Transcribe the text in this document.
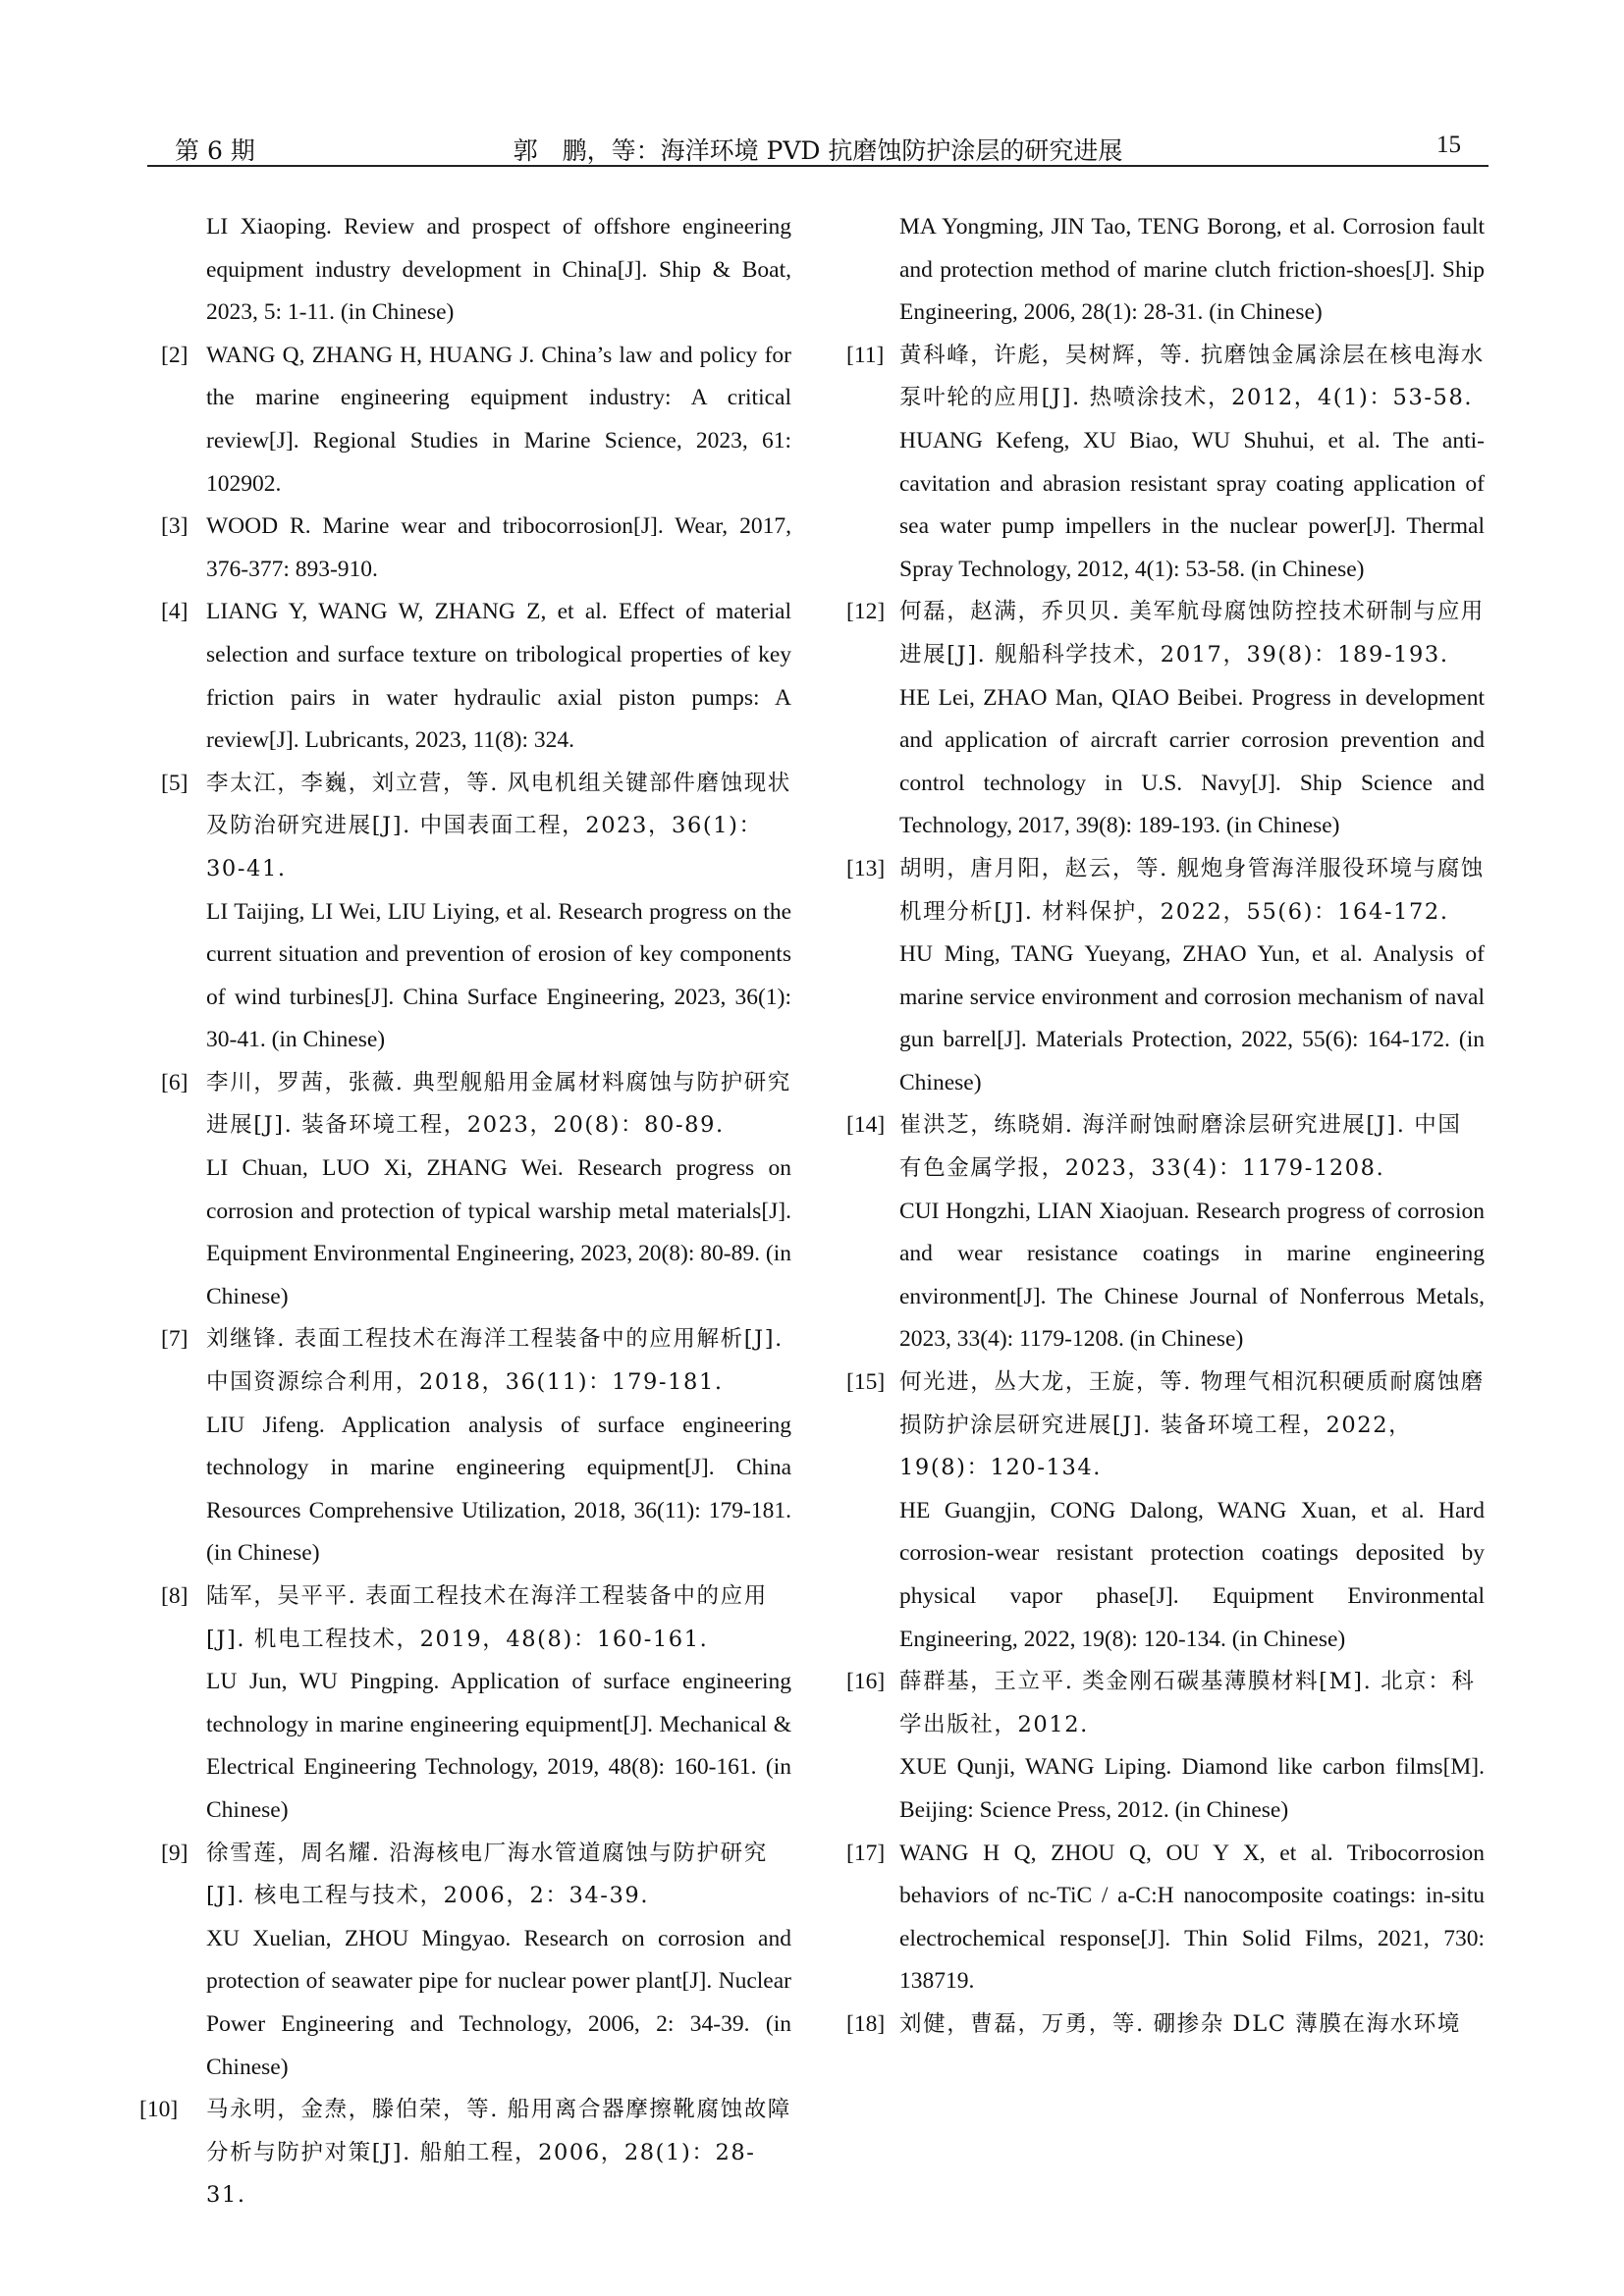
第 6 期	郭　鹏，等：海洋环境 PVD 抗磨蚀防护涂层的研究进展	15

LI Xiaoping. Review and prospect of offshore engineering equipment industry development in China[J]. Ship & Boat, 2023, 5: 1-11. (in Chinese)

[2] WANG Q, ZHANG H, HUANG J. China’s law and policy for the marine engineering equipment industry: A critical review[J]. Regional Studies in Marine Science, 2023, 61: 102902.

[3] WOOD R. Marine wear and tribocorrosion[J]. Wear, 2017, 376-377: 893-910.

[4] LIANG Y, WANG W, ZHANG Z, et al. Effect of material selection and surface texture on tribological properties of key friction pairs in water hydraulic axial piston pumps: A review[J]. Lubricants, 2023, 11(8): 324.

[5] 李太江，李巍，刘立营，等. 风电机组关键部件磨蚀现状及防治研究进展[J]. 中国表面工程，2023，36(1)：30-41.

LI Taijing, LI Wei, LIU Liying, et al. Research progress on the current situation and prevention of erosion of key components of wind turbines[J]. China Surface Engineering, 2023, 36(1): 30-41. (in Chinese)

[6] 李川，罗茜，张薇. 典型舰船用金属材料腐蚀与防护研究进展[J]. 装备环境工程，2023，20(8)：80-89.

LI Chuan, LUO Xi, ZHANG Wei. Research progress on corrosion and protection of typical warship metal materials[J]. Equipment Environmental Engineering, 2023, 20(8): 80-89. (in Chinese)

[7] 刘继锋. 表面工程技术在海洋工程装备中的应用解析[J]. 中国资源综合利用，2018，36(11)：179-181.

LIU Jifeng. Application analysis of surface engineering technology in marine engineering equipment[J]. China Resources Comprehensive Utilization, 2018, 36(11): 179-181. (in Chinese)

[8] 陆军，吴平平. 表面工程技术在海洋工程装备中的应用[J]. 机电工程技术，2019，48(8)：160-161.

LU Jun, WU Pingping. Application of surface engineering technology in marine engineering equipment[J]. Mechanical & Electrical Engineering Technology, 2019, 48(8): 160-161. (in Chinese)

[9] 徐雪莲，周名耀. 沿海核电厂海水管道腐蚀与防护研究[J]. 核电工程与技术，2006，2：34-39.

XU Xuelian, ZHOU Mingyao. Research on corrosion and protection of seawater pipe for nuclear power plant[J]. Nuclear Power Engineering and Technology, 2006, 2: 34-39. (in Chinese)

[10] 马永明，金焘，滕伯荣，等. 船用离合器摩擦靴腐蚀故障分析与防护对策[J]. 船舶工程，2006，28(1)：28-31.

MA Yongming, JIN Tao, TENG Borong, et al. Corrosion fault and protection method of marine clutch friction-shoes[J]. Ship Engineering, 2006, 28(1): 28-31. (in Chinese)

[11] 黄科峰，许彪，吴树辉，等. 抗磨蚀金属涂层在核电海水泵叶轮的应用[J]. 热喷涂技术，2012，4(1)：53-58.

HUANG Kefeng, XU Biao, WU Shuhui, et al. The anti-cavitation and abrasion resistant spray coating application of sea water pump impellers in the nuclear power[J]. Thermal Spray Technology, 2012, 4(1): 53-58. (in Chinese)

[12] 何磊，赵满，乔贝贝. 美军航母腐蚀防控技术研制与应用进展[J]. 舰船科学技术，2017，39(8)：189-193.

HE Lei, ZHAO Man, QIAO Beibei. Progress in development and application of aircraft carrier corrosion prevention and control technology in U.S. Navy[J]. Ship Science and Technology, 2017, 39(8): 189-193. (in Chinese)

[13] 胡明，唐月阳，赵云，等. 舰炮身管海洋服役环境与腐蚀机理分析[J]. 材料保护，2022，55(6)：164-172.

HU Ming, TANG Yueyang, ZHAO Yun, et al. Analysis of marine service environment and corrosion mechanism of naval gun barrel[J]. Materials Protection, 2022, 55(6): 164-172. (in Chinese)

[14] 崔洪芝，练晓娟. 海洋耐蚀耐磨涂层研究进展[J]. 中国有色金属学报，2023，33(4)：1179-1208.

CUI Hongzhi, LIAN Xiaojuan. Research progress of corrosion and wear resistance coatings in marine engineering environment[J]. The Chinese Journal of Nonferrous Metals, 2023, 33(4): 1179-1208. (in Chinese)

[15] 何光进，丛大龙，王旋，等. 物理气相沉积硬质耐腐蚀磨损防护涂层研究进展[J]. 装备环境工程，2022，19(8)：120-134.

HE Guangjin, CONG Dalong, WANG Xuan, et al. Hard corrosion-wear resistant protection coatings deposited by physical vapor phase[J]. Equipment Environmental Engineering, 2022, 19(8): 120-134. (in Chinese)

[16] 薛群基，王立平. 类金刚石碳基薄膜材料[M]. 北京：科学出版社，2012.

XUE Qunji, WANG Liping. Diamond like carbon films[M]. Beijing: Science Press, 2012. (in Chinese)

[17] WANG H Q, ZHOU Q, OU Y X, et al. Tribocorrosion behaviors of nc-TiC / a-C:H nanocomposite coatings: in-situ electrochemical response[J]. Thin Solid Films, 2021, 730: 138719.

[18] 刘健，曹磊，万勇，等. 硼掺杂 DLC 薄膜在海水环境
